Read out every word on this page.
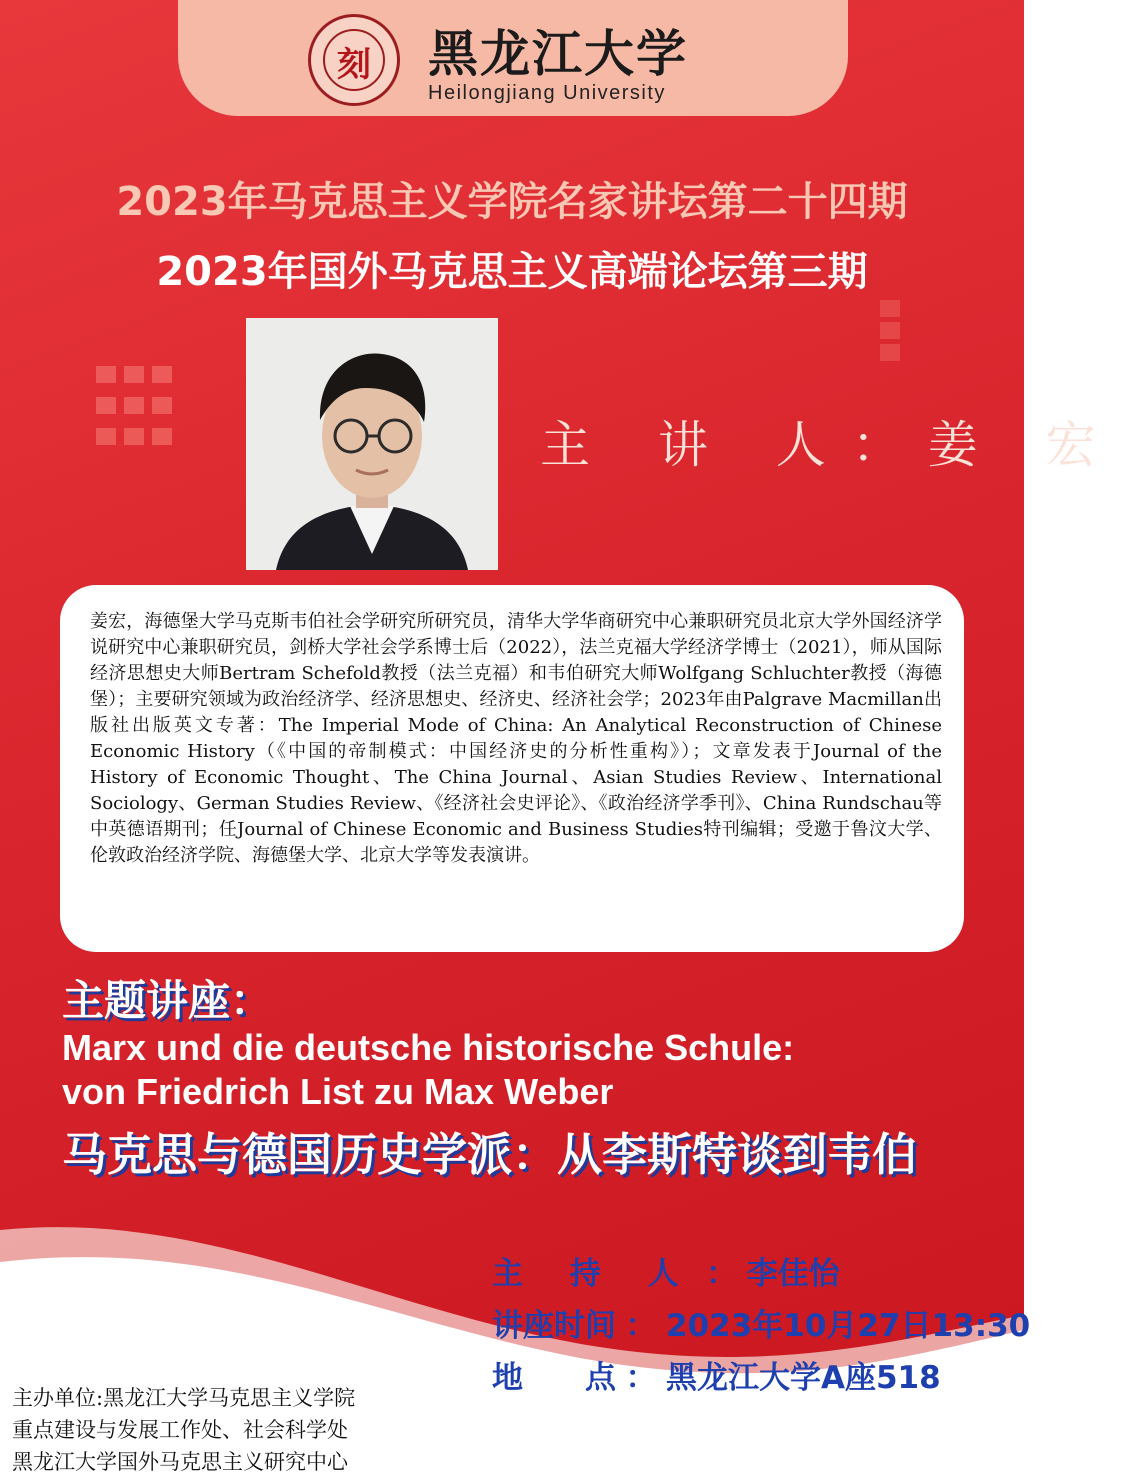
刻	黑龙江大学
Heilongjiang University
2023年马克思主义学院名家讲坛第二十四期
2023年国外马克思主义高端论坛第三期
主 讲 人：姜 宏

姜宏，海德堡大学马克斯韦伯社会学研究所研究员，清华大学华商研究中心兼职研究员北京大学外国经济学说研究中心兼职研究员，剑桥大学社会学系博士后（2022），法兰克福大学经济学博士（2021），师从国际经济思想史大师Bertram Schefold教授（法兰克福）和韦伯研究大师Wolfgang Schluchter教授（海德堡）；主要研究领域为政治经济学、经济思想史、经济史、经济社会学；2023年由Palgrave Macmillan出版社出版英文专著：The Imperial Mode of China: An Analytical Reconstruction of Chinese Economic History（《中国的帝制模式：中国经济史的分析性重构》）；文章发表于Journal of the History of Economic Thought、The China Journal、Asian Studies Review、International Sociology、German Studies Review、《经济社会史评论》、《政治经济学季刊》、China Rundschau等中英德语期刊；任Journal of Chinese Economic and Business Studies特刊编辑；受邀于鲁汶大学、伦敦政治经济学院、海德堡大学、北京大学等发表演讲。

主题讲座：
Marx und die deutsche historische Schule:
von Friedrich List zu Max Weber
马克思与德国历史学派：从李斯特谈到韦伯
主 持 人 ： 李佳怡
讲座时间 ： 2023年10月27日13:30
地　　点 ： 黑龙江大学A座518
主办单位:黑龙江大学马克思主义学院
重点建设与发展工作处、社会科学处
黑龙江大学国外马克思主义研究中心
